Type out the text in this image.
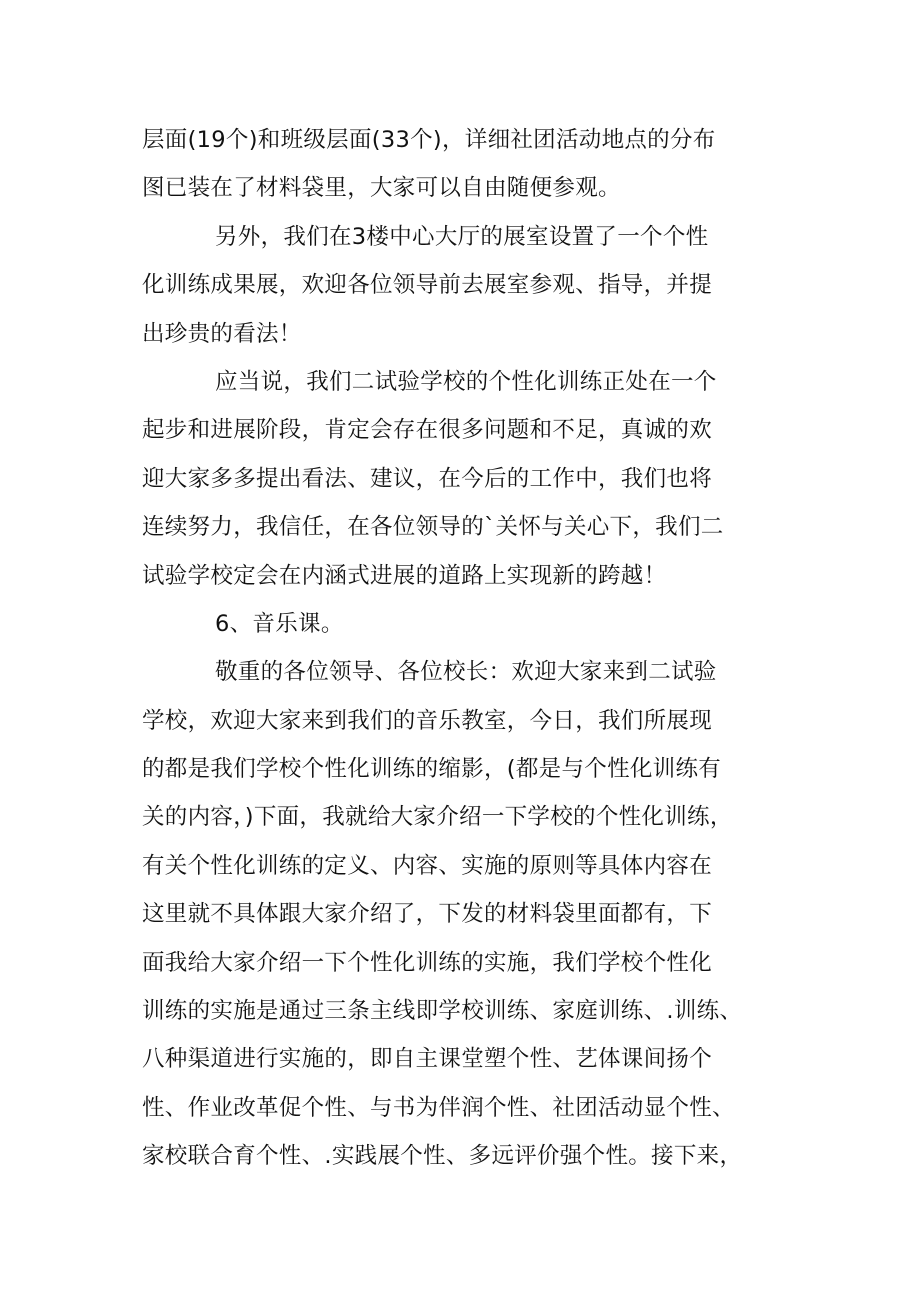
层面(19个)和班级层面(33个)，详细社团活动地点的分布
图已装在了材料袋里，大家可以自由随便参观。

另外，我们在3楼中心大厅的展室设置了一个个性
化训练成果展，欢迎各位领导前去展室参观、指导，并提
出珍贵的看法！

应当说，我们二试验学校的个性化训练正处在一个
起步和进展阶段，肯定会存在很多问题和不足，真诚的欢
迎大家多多提出看法、建议，在今后的工作中，我们也将
连续努力，我信任，在各位领导的`关怀与关心下，我们二
试验学校定会在内涵式进展的道路上实现新的跨越！

6、音乐课。

敬重的各位领导、各位校长：欢迎大家来到二试验
学校，欢迎大家来到我们的音乐教室，今日，我们所展现
的都是我们学校个性化训练的缩影，(都是与个性化训练有
关的内容，)下面，我就给大家介绍一下学校的个性化训练，
有关个性化训练的定义、内容、实施的原则等具体内容在
这里就不具体跟大家介绍了，下发的材料袋里面都有，下
面我给大家介绍一下个性化训练的实施，我们学校个性化
训练的实施是通过三条主线即学校训练、家庭训练、.训练、
八种渠道进行实施的，即自主课堂塑个性、艺体课间扬个
性、作业改革促个性、与书为伴润个性、社团活动显个性、
家校联合育个性、.实践展个性、多远评价强个性。接下来，
